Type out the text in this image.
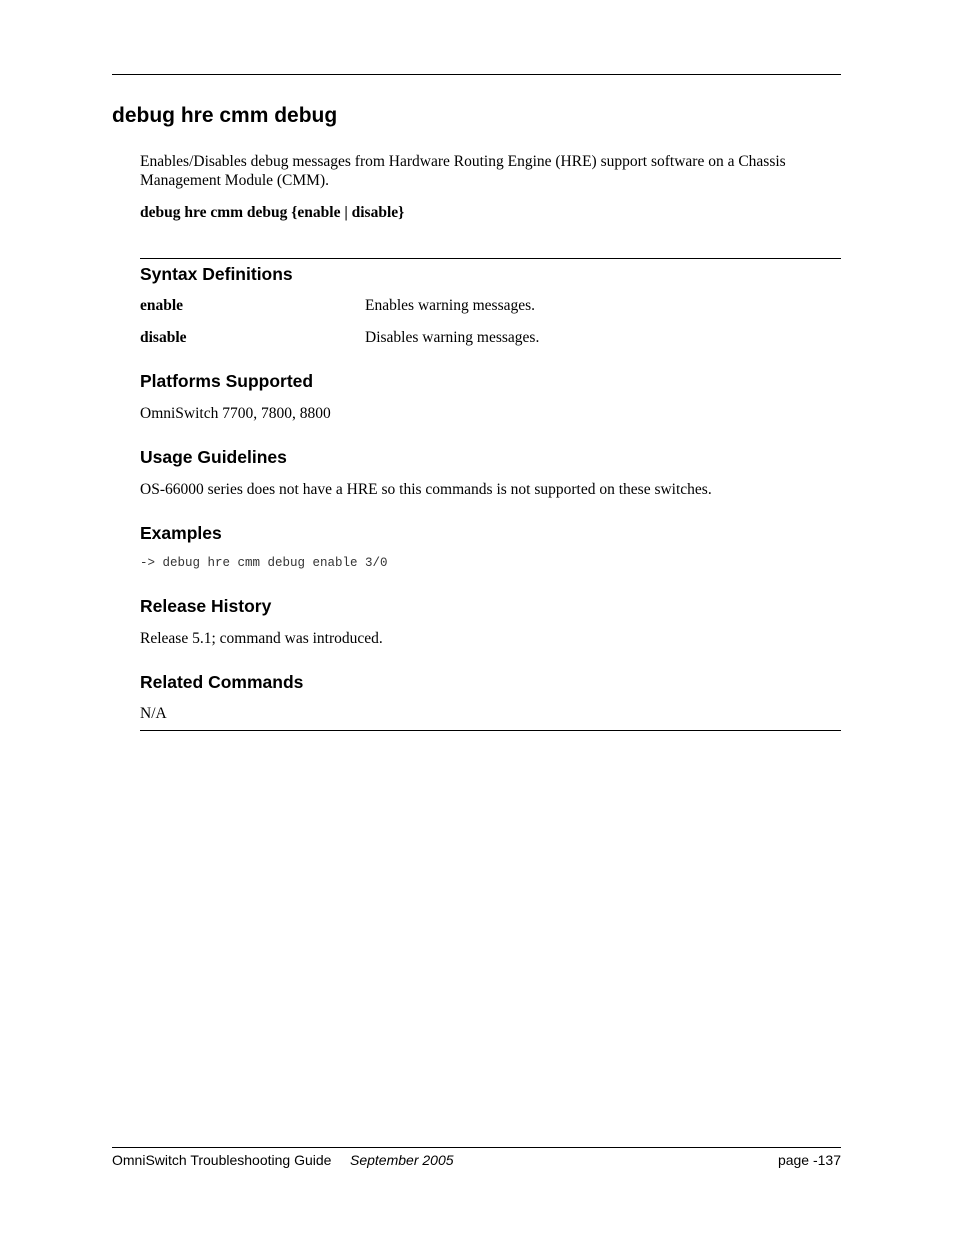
debug hre cmm debug

Enables/Disables debug messages from Hardware Routing Engine (HRE) support software on a Chassis Management Module (CMM).

debug hre cmm debug {enable | disable}

Syntax Definitions
enable	Enables warning messages.
disable	Disables warning messages.
Platforms Supported
OmniSwitch 7700, 7800, 8800
Usage Guidelines
OS-66000 series does not have a HRE so this commands is not supported on these switches.
Examples
-> debug hre cmm debug enable 3/0
Release History
Release 5.1; command was introduced.
Related Commands
N/A
OmniSwitch Troubleshooting Guide September 2005	page -137
